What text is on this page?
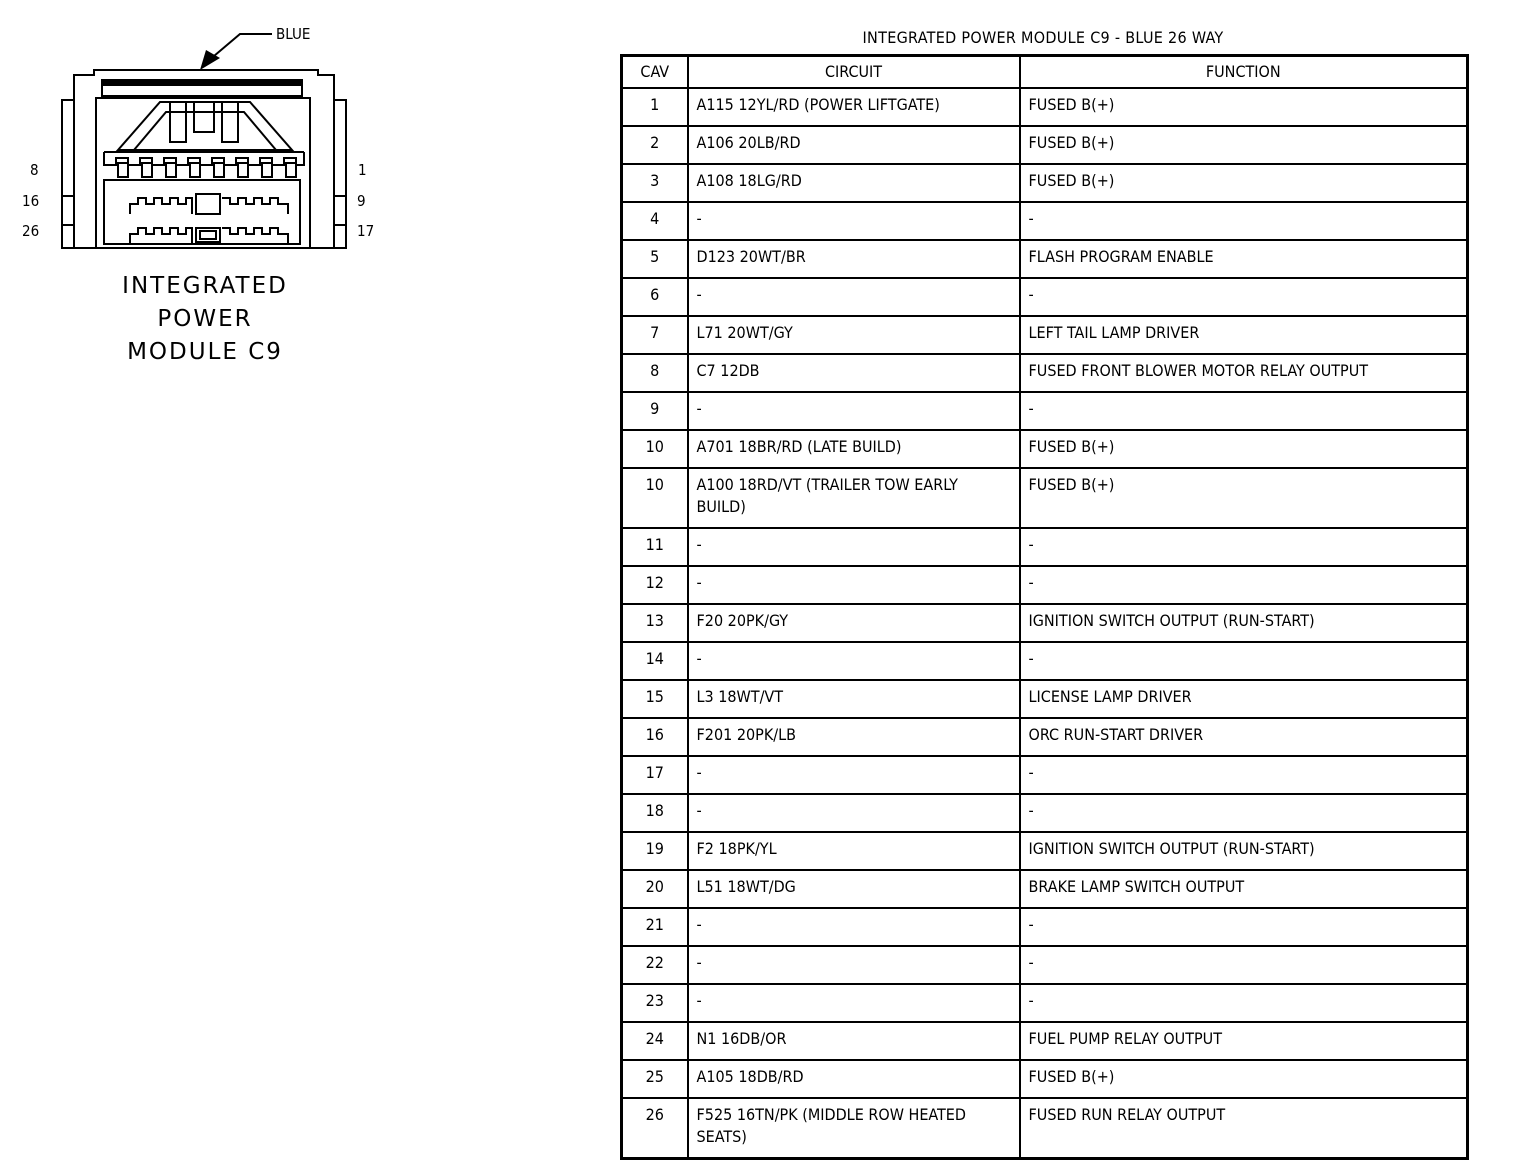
BLUE
8
16
26
1
9
17
INTEGRATED
POWER
MODULE C9
INTEGRATED POWER MODULE C9 - BLUE 26 WAY
CAV	CIRCUIT	FUNCTION
1	A115 12YL/RD (POWER LIFTGATE)	FUSED B(+)
2	A106 20LB/RD	FUSED B(+)
3	A108 18LG/RD	FUSED B(+)
4	-	-
5	D123 20WT/BR	FLASH PROGRAM ENABLE
6	-	-
7	L71 20WT/GY	LEFT TAIL LAMP DRIVER
8	C7 12DB	FUSED FRONT BLOWER MOTOR RELAY OUTPUT
9	-	-
10	A701 18BR/RD (LATE BUILD)	FUSED B(+)
10	A100 18RD/VT (TRAILER TOW EARLY BUILD)	FUSED B(+)
11	-	-
12	-	-
13	F20 20PK/GY	IGNITION SWITCH OUTPUT (RUN-START)
14	-	-
15	L3 18WT/VT	LICENSE LAMP DRIVER
16	F201 20PK/LB	ORC RUN-START DRIVER
17	-	-
18	-	-
19	F2 18PK/YL	IGNITION SWITCH OUTPUT (RUN-START)
20	L51 18WT/DG	BRAKE LAMP SWITCH OUTPUT
21	-	-
22	-	-
23	-	-
24	N1 16DB/OR	FUEL PUMP RELAY OUTPUT
25	A105 18DB/RD	FUSED B(+)
26	F525 16TN/PK (MIDDLE ROW HEATED SEATS)	FUSED RUN RELAY OUTPUT
